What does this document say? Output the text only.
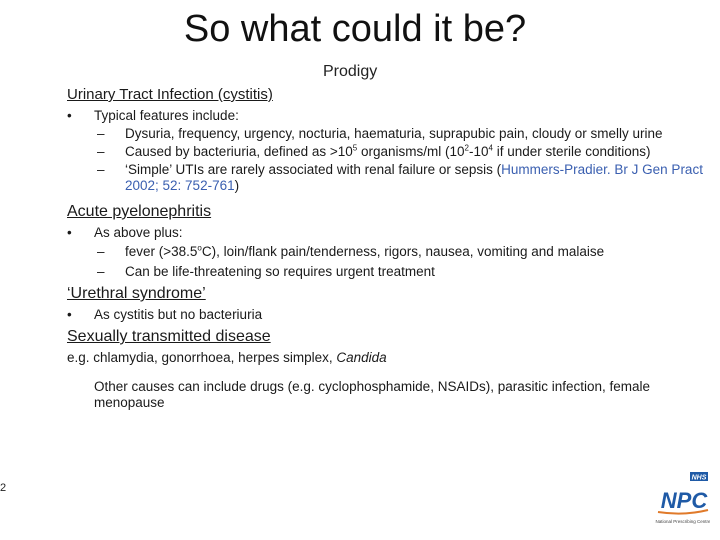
So what could it be?
Prodigy

Urinary Tract Infection (cystitis)

• Typical features include:

– Dysuria, frequency, urgency, nocturia, haematuria, suprapubic pain, cloudy or smelly urine

– Caused by bacteriuria, defined as $>10^5$ organisms/ml ($10^2-10^4$ if under sterile conditions)

– ‘Simple’ UTIs are rarely associated with renal failure or sepsis (Hummers-Pradier. Br J Gen Pract 2002; 52: 752-761)

Acute pyelonephritis

• As above plus:

– fever $(>38.5^oC)$, loin/flank pain/tenderness, rigors, nausea, vomiting and malaise

– Can be life-threatening so requires urgent treatment

‘Urethral syndrome’

• As cystitis but no bacteriuria

Sexually transmitted disease

e.g. chlamydia, gonorrhoea, herpes simplex, Candida

Other causes can include drugs (e.g. cyclophosphamide, NSAIDs), parasitic infection, female menopause

2
NHS
NPC
National Prescribing Centre
